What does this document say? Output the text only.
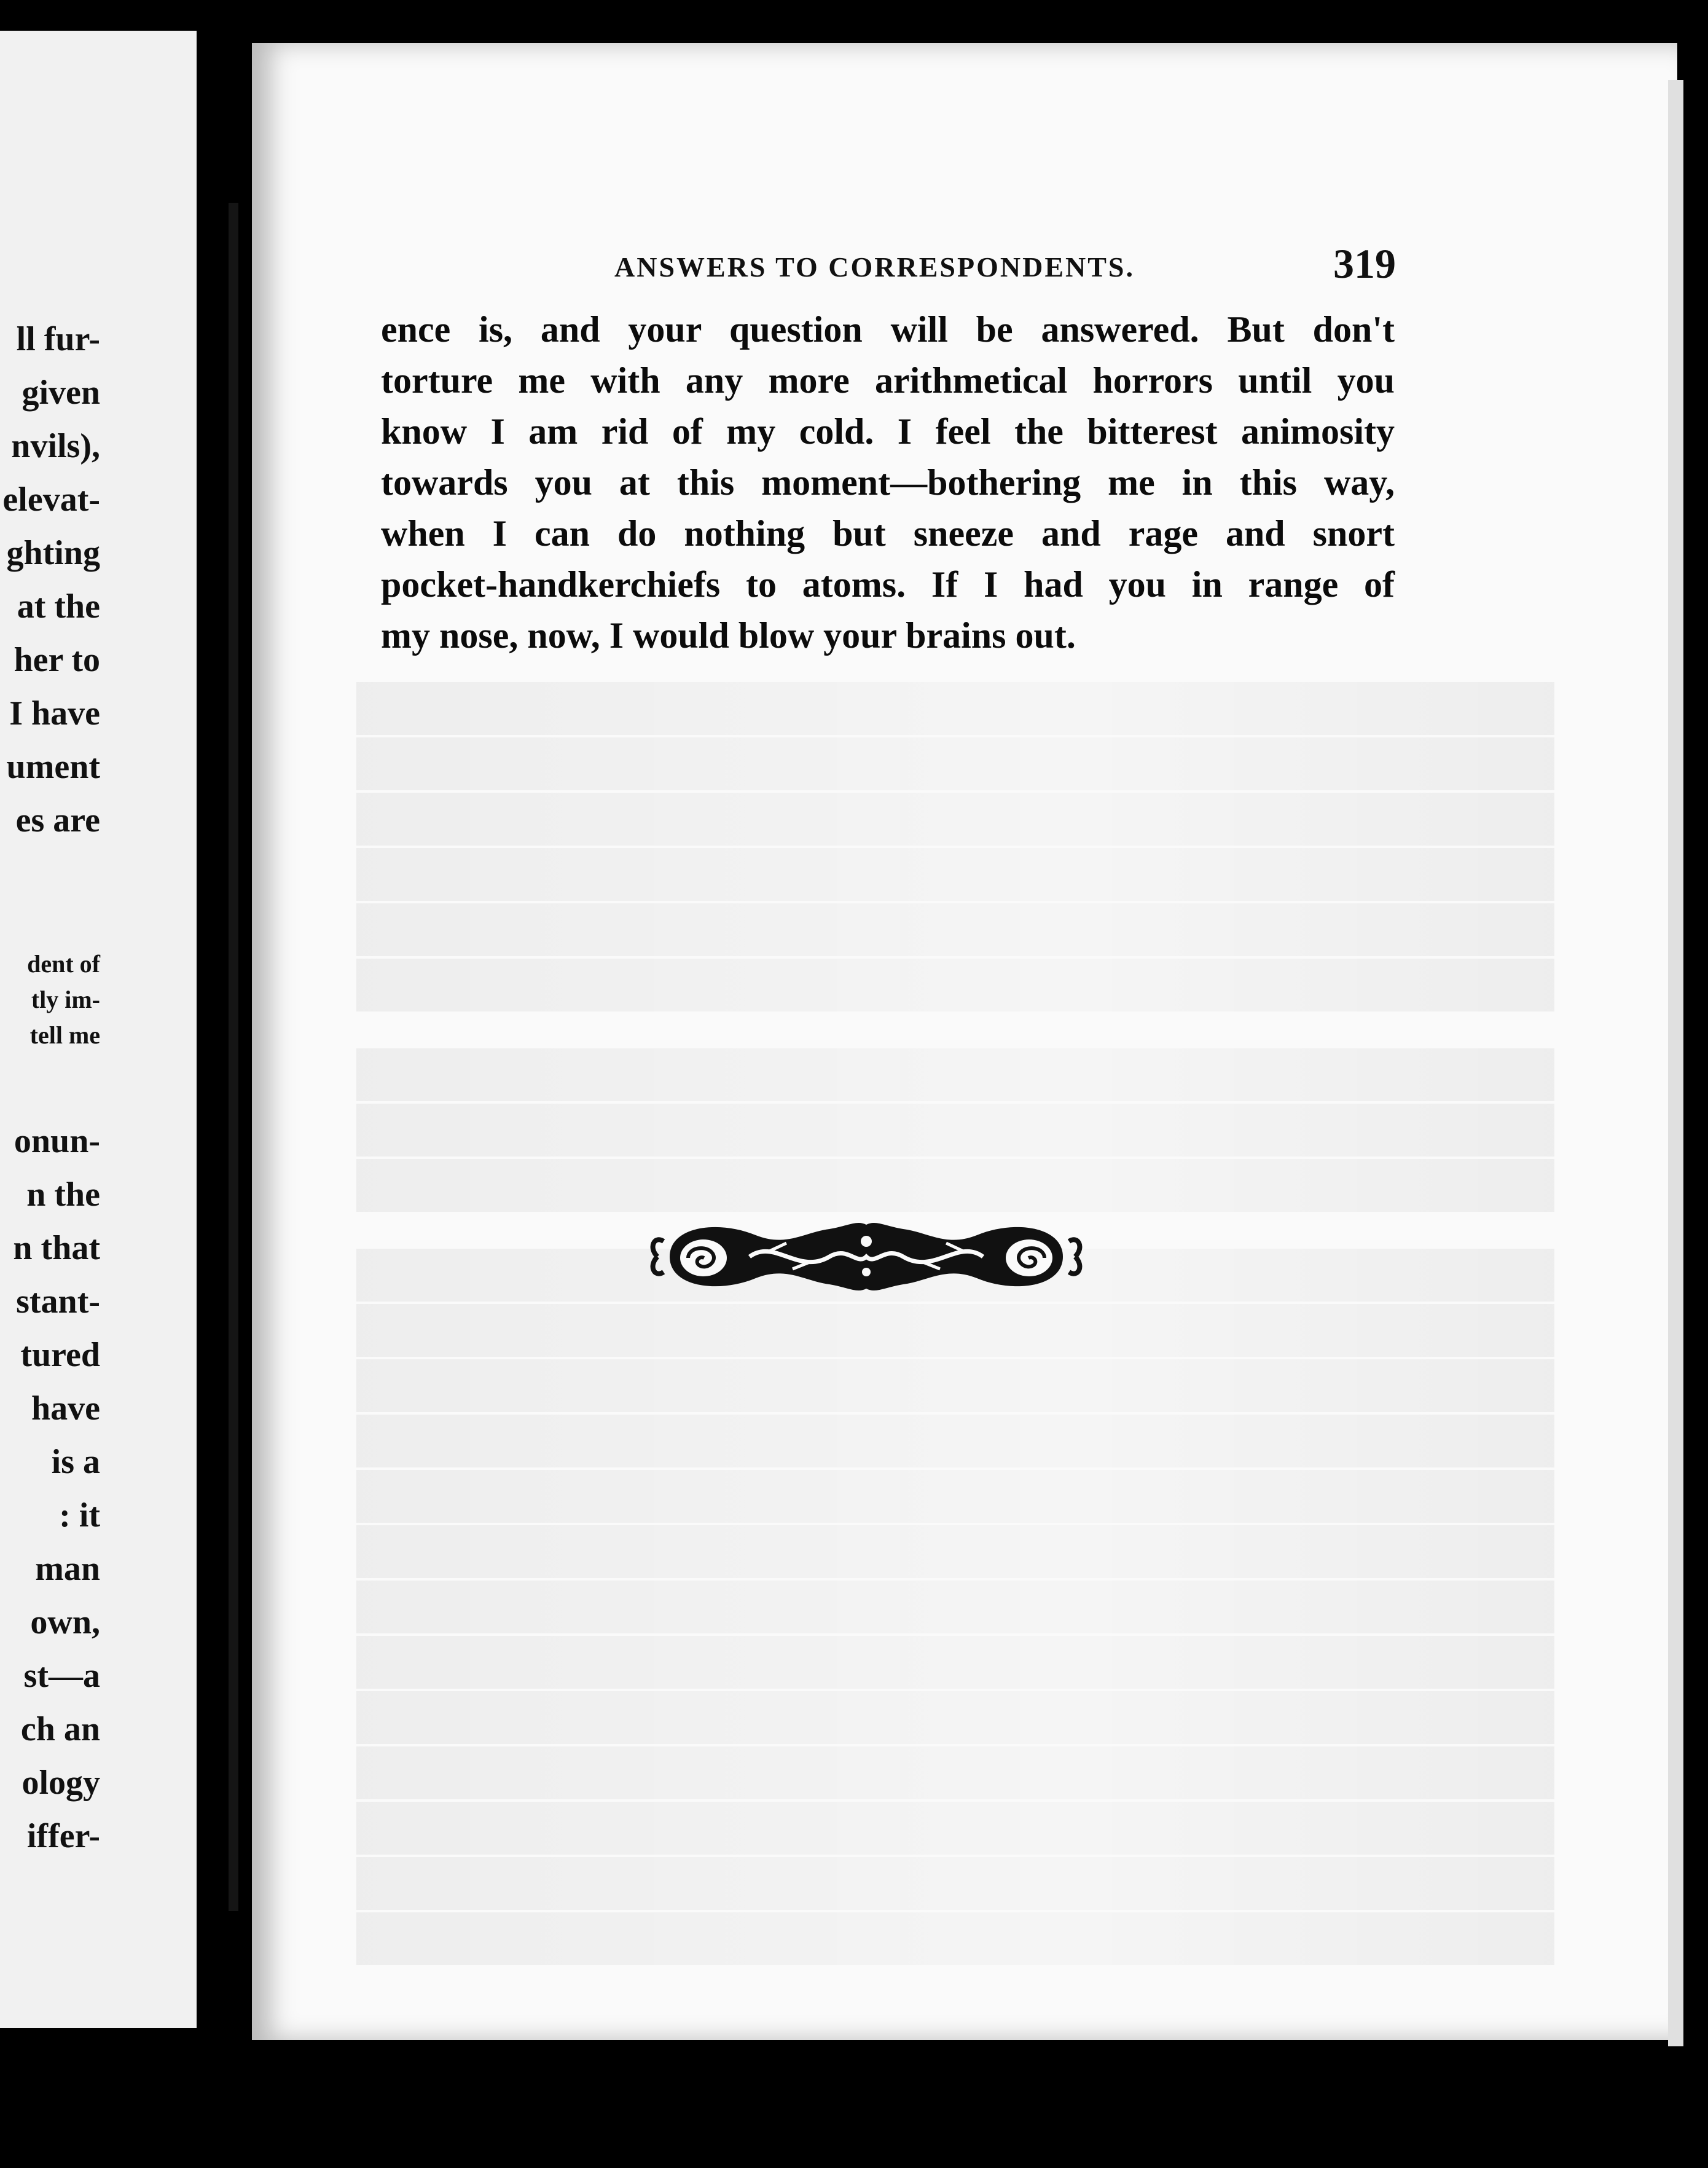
ll fur-
given
nvils),
elevat-
ghting
at the
her to
I have
ument
es are
dent of
tly im-
tell me
onun-
n the
n that
stant-
tured
have
is a
: it
man
own,
st—a
ch an
ology
iffer-
ANSWERS TO CORRESPONDENTS.	319
ence is, and your question will be answered. But don't
torture me with any more arithmetical horrors until you
know I am rid of my cold. I feel the bitterest animosity
towards you at this moment—bothering me in this way,
when I can do nothing but sneeze and rage and snort
pocket-handkerchiefs to atoms. If I had you in range of
my nose, now, I would blow your brains out.
